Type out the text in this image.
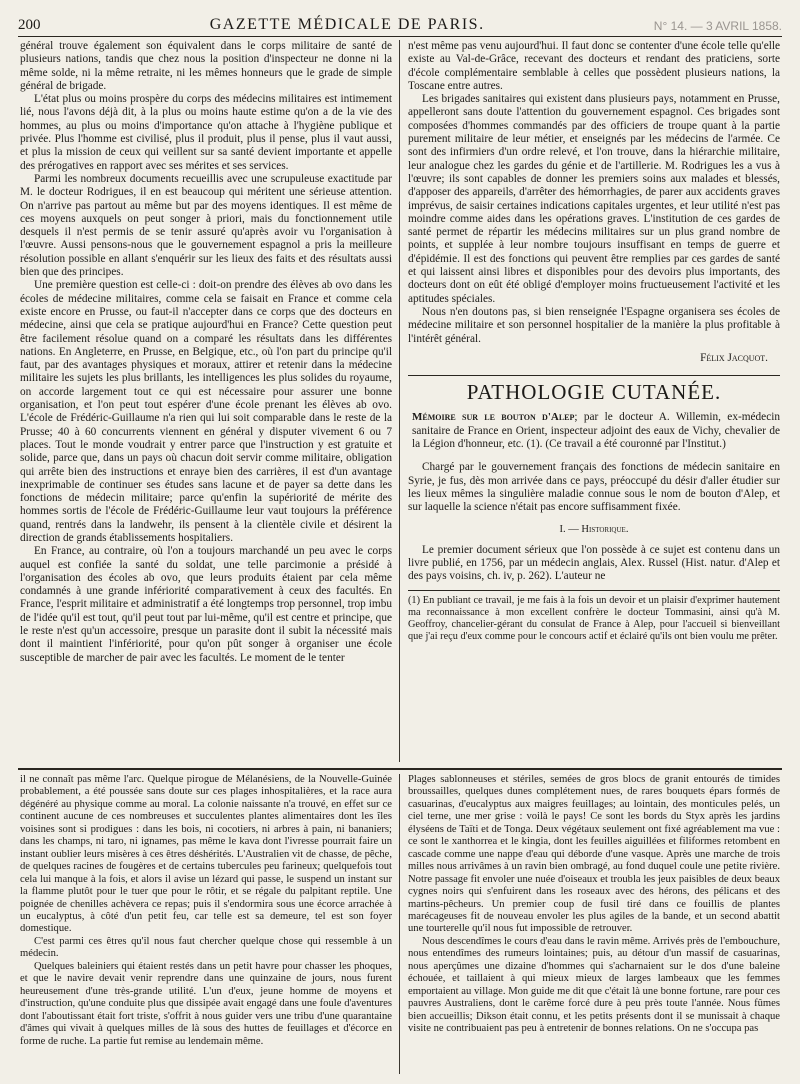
200	GAZETTE MÉDICALE DE PARIS.	N° 14. — 3 AVRIL 1858.

général trouve également son équivalent dans le corps militaire de santé de plusieurs nations, tandis que chez nous la position d'inspecteur ne donne ni la même solde, ni la même retraite, ni les mêmes honneurs que le grade de simple général de brigade.

L'état plus ou moins prospère du corps des médecins militaires est intimement lié, nous l'avons déjà dit, à la plus ou moins haute estime qu'on a de la vie des hommes, au plus ou moins d'importance qu'on attache à l'hygiène publique et privée. Plus l'homme est civilisé, plus il produit, plus il pense, plus il vaut aussi, et plus la mission de ceux qui veillent sur sa santé devient importante et appelle des prérogatives en rapport avec ses mérites et ses services.

Parmi les nombreux documents recueillis avec une scrupuleuse exactitude par M. le docteur Rodrigues, il en est beaucoup qui méritent une sérieuse attention. On n'arrive pas partout au même but par des moyens identiques. Il est même de ces moyens auxquels on peut songer à priori, mais du fonctionnement utile desquels il n'est permis de se tenir assuré qu'après avoir vu l'organisation à l'œuvre. Aussi pensons-nous que le gouvernement espagnol a pris la meilleure résolution possible en allant s'enquérir sur les lieux des faits et des résultats aussi bien que des principes.

Une première question est celle-ci : doit-on prendre des élèves ab ovo dans les écoles de médecine militaires, comme cela se faisait en France et comme cela existe encore en Prusse, ou faut-il n'accepter dans ce corps que des docteurs en médecine, ainsi que cela se pratique aujourd'hui en France? Cette question peut être facilement résolue quand on a comparé les résultats dans les différentes nations. En Angleterre, en Prusse, en Belgique, etc., où l'on part du principe qu'il faut, par des avantages physiques et moraux, attirer et retenir dans la médecine militaire les sujets les plus brillants, les intelligences les plus solides du royaume, on accorde largement tout ce qui est nécessaire pour assurer une bonne organisation, et l'on peut tout espérer d'une école prenant les élèves ab ovo. L'école de Frédéric-Guillaume n'a rien qui lui soit comparable dans le reste de la Prusse; 40 à 60 concurrents viennent en général y disputer vivement 6 ou 7 places. Tout le monde voudrait y entrer parce que l'instruction y est gratuite et solide, parce que, dans un pays où chacun doit servir comme militaire, obligation qui arrête bien des instructions et enraye bien des carrières, il est d'un avantage inexprimable de continuer ses études sans lacune et de payer sa dette dans les fonctions de médecin militaire; parce qu'enfin la supériorité de mérite des hommes sortis de l'école de Frédéric-Guillaume leur vaut toujours la préférence quand, rentrés dans la landwehr, ils pensent à la clientèle civile et désirent la direction de grands établissements hospitaliers.

En France, au contraire, où l'on a toujours marchandé un peu avec le corps auquel est confiée la santé du soldat, une telle parcimonie a présidé à l'organisation des écoles ab ovo, que leurs produits étaient par cela même condamnés à une grande infériorité comparativement à ceux des facultés. En France, l'esprit militaire et administratif a été longtemps trop personnel, trop imbu de l'idée qu'il est tout, qu'il peut tout par lui-même, qu'il est centre et principe, que le reste n'est qu'un accessoire, presque un parasite dont il subit la nécessité mais dont il maintient l'infériorité, pour qu'on pût songer à organiser une école susceptible de marcher de pair avec les facultés. Le moment de le tenter

n'est même pas venu aujourd'hui. Il faut donc se contenter d'une école telle qu'elle existe au Val-de-Grâce, recevant des docteurs et rendant des praticiens, sorte d'école complémentaire semblable à celles que possèdent plusieurs nations, la Toscane entre autres.

Les brigades sanitaires qui existent dans plusieurs pays, notamment en Prusse, appelleront sans doute l'attention du gouvernement espagnol. Ces brigades sont composées d'hommes commandés par des officiers de troupe quant à la partie purement militaire de leur métier, et enseignés par les médecins de l'armée. Ce sont des infirmiers d'un ordre relevé, et l'on trouve, dans la hiérarchie militaire, leur analogue chez les gardes du génie et de l'artillerie. M. Rodrigues les a vus à l'œuvre; ils sont capables de donner les premiers soins aux malades et blessés, d'apposer des appareils, d'arrêter des hémorrhagies, de parer aux accidents graves imprévus, de saisir certaines indications capitales urgentes, et leur utilité n'est pas moindre comme aides dans les opérations graves. L'institution de ces gardes de santé permet de répartir les médecins militaires sur un plus grand nombre de points, et supplée à leur nombre toujours insuffisant en temps de guerre et d'épidémie. Il est des fonctions qui peuvent être remplies par ces gardes de santé et qui laissent ainsi libres et disponibles pour des devoirs plus importants, des docteurs dont on eût été obligé d'employer moins fructueusement l'activité et les aptitudes spéciales.

Nous n'en doutons pas, si bien renseignée l'Espagne organisera ses écoles de médecine militaire et son personnel hospitalier de la manière la plus profitable à l'intérêt général.

Félix Jacquot.
PATHOLOGIE CUTANÉE.

Mémoire sur le bouton d'Alep; par le docteur A. Willemin, ex-médecin sanitaire de France en Orient, inspecteur adjoint des eaux de Vichy, chevalier de la Légion d'honneur, etc. (1). (Ce travail a été couronné par l'Institut.)

Chargé par le gouvernement français des fonctions de médecin sanitaire en Syrie, je fus, dès mon arrivée dans ce pays, préoccupé du désir d'aller étudier sur les lieux mêmes la singulière maladie connue sous le nom de bouton d'Alep, et sur laquelle la science n'était pas encore suffisamment fixée.

I. — Historique.

Le premier document sérieux que l'on possède à ce sujet est contenu dans un livre publié, en 1756, par un médecin anglais, Alex. Russel (Hist. natur. d'Alep et des pays voisins, ch. iv, p. 262). L'auteur ne

(1) En publiant ce travail, je me fais à la fois un devoir et un plaisir d'exprimer hautement ma reconnaissance à mon excellent confrère le docteur Tommasini, ainsi qu'à M. Geoffroy, chancelier-gérant du consulat de France à Alep, pour l'accueil si bienveillant que j'ai reçu d'eux comme pour le concours actif et éclairé qu'ils ont bien voulu me prêter.

il ne connaît pas même l'arc. Quelque pirogue de Mélanésiens, de la Nouvelle-Guinée probablement, a été poussée sans doute sur ces plages inhospitalières, et la race aura dégénéré au physique comme au moral. La colonie naissante n'a trouvé, en effet sur ce continent aucune de ces nombreuses et succulentes plantes alimentaires dont les îles voisines sont si prodigues : dans les bois, ni cocotiers, ni arbres à pain, ni bananiers; dans les champs, ni taro, ni ignames, pas même le kava dont l'ivresse pourrait faire un instant oublier leurs misères à ces êtres déshérités. L'Australien vit de chasse, de pêche, de quelques racines de fougères et de certains tubercules peu farineux; quelquefois tout cela lui manque à la fois, et alors il avise un lézard qui passe, le suspend un instant sur la flamme plutôt pour le tuer que pour le rôtir, et se régale du palpitant reptile. Une poignée de chenilles achèvera ce repas; puis il s'endormira sous une écorce arrachée à un eucalyptus, à côté d'un petit feu, car telle est sa demeure, tel est son foyer domestique.

C'est parmi ces êtres qu'il nous faut chercher quelque chose qui ressemble à un médecin.

Quelques baleiniers qui étaient restés dans un petit havre pour chasser les phoques, et que le navire devait venir reprendre dans une quinzaine de jours, nous furent heureusement d'une très-grande utilité. L'un d'eux, jeune homme de moyens et d'instruction, qu'une conduite plus que dissipée avait engagé dans une foule d'aventures dont l'aboutissant était fort triste, s'offrit à nous guider vers une tribu d'une quarantaine d'âmes qui vivait à quelques milles de là sous des huttes de feuillages et d'écorce en forme de ruche. La partie fut remise au lendemain même.

Plages sablonneuses et stériles, semées de gros blocs de granit entourés de timides broussailles, quelques dunes complétement nues, de rares bouquets épars formés de casuarinas, d'eucalyptus aux maigres feuillages; au lointain, des monticules pelés, un ciel terne, une mer grise : voilà le pays! Ce sont les bords du Styx après les jardins élyséens de Taïti et de Tonga. Deux végétaux seulement ont fixé agréablement ma vue : ce sont le xanthorrea et le kingia, dont les feuilles aiguillées et filiformes retombent en cascade comme une nappe d'eau qui déborde d'une vasque. Après une marche de trois milles nous arrivâmes à un ravin bien ombragé, au fond duquel coule une petite rivière. Notre passage fit envoler une nuée d'oiseaux et troubla les jeux paisibles de deux beaux cygnes noirs qui s'enfuirent dans les roseaux avec des hérons, des pélicans et des martins-pêcheurs. Un premier coup de fusil tiré dans ce fouillis de plantes marécageuses fit de nouveau envoler les plus agiles de la bande, et un second abattit une tourterelle qu'il nous fut impossible de retrouver.

Nous descendîmes le cours d'eau dans le ravin même. Arrivés près de l'embouchure, nous entendîmes des rumeurs lointaines; puis, au détour d'un massif de casuarinas, nous aperçûmes une dizaine d'hommes qui s'acharnaient sur le dos d'une baleine échouée, et taillaient à qui mieux mieux de larges lambeaux que les femmes emportaient au village. Mon guide me dit que c'était là une bonne fortune, rare pour ces pauvres Australiens, dont le carême forcé dure à peu près toute l'année. Nous fûmes bien accueillis; Dikson était connu, et les petits présents dont il se munissait à chaque visite ne contribuaient pas peu à entretenir de bonnes relations. On ne s'occupa pas
